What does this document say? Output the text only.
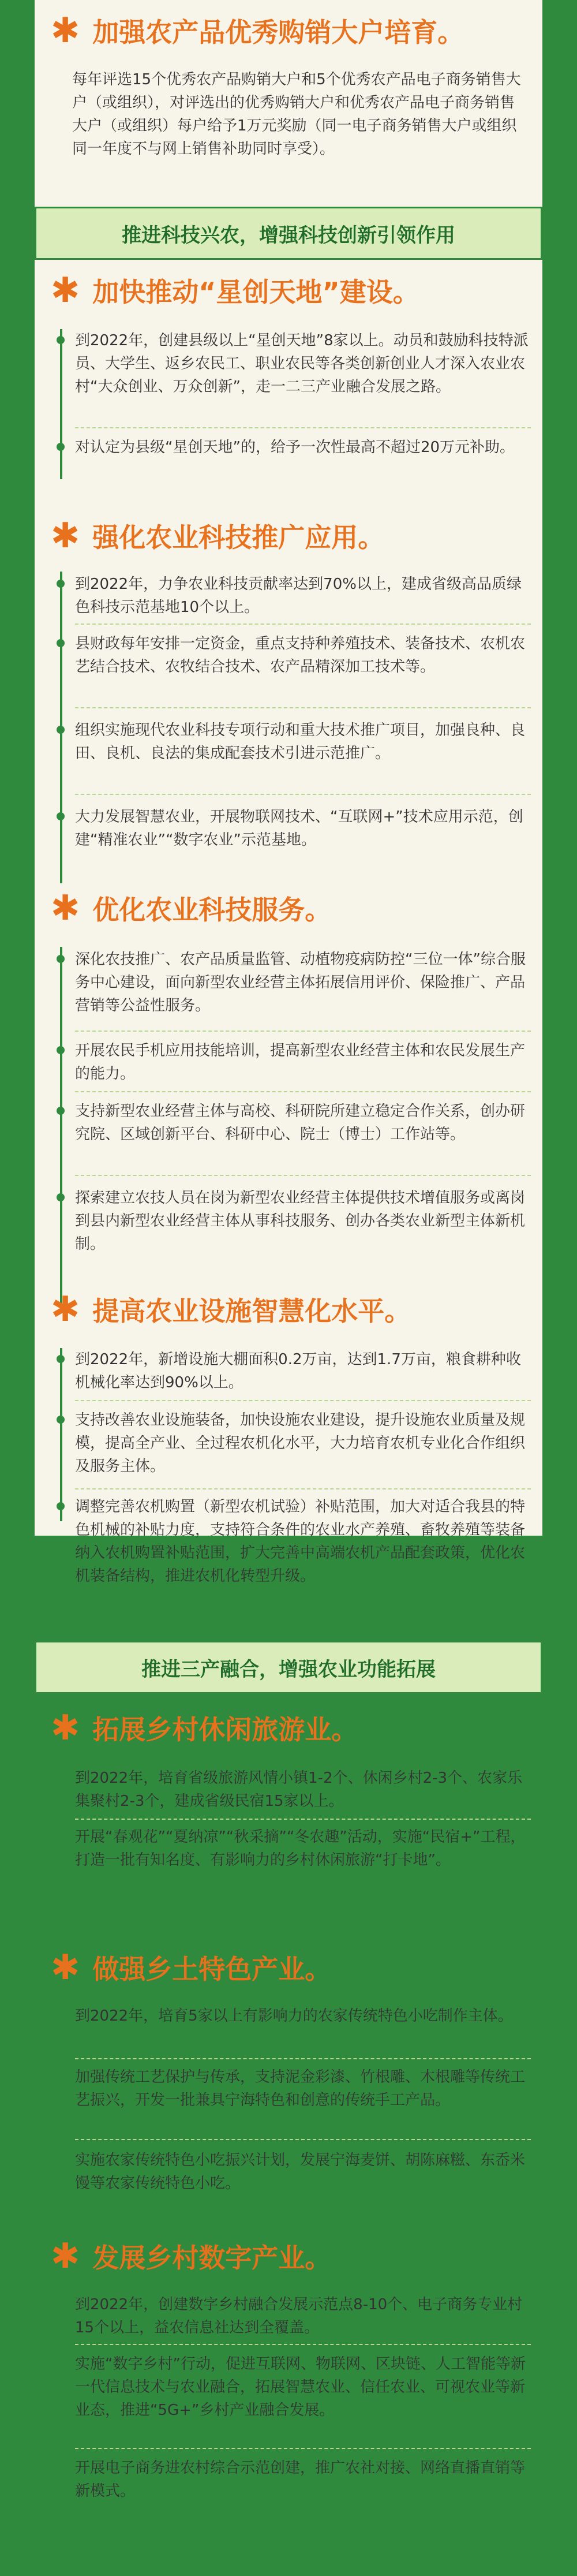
✱ 加强农产品优秀购销大户培育。
每年评选15个优秀农产品购销大户和5个优秀农产品电子商务销售大户（或组织），对评选出的优秀购销大户和优秀农产品电子商务销售大户（或组织）每户给予1万元奖励（同一电子商务销售大户或组织同一年度不与网上销售补助同时享受）。
推进科技兴农，增强科技创新引领作用
✱ 加快推动“星创天地”建设。
到2022年，创建县级以上“星创天地”8家以上。动员和鼓励科技特派员、大学生、返乡农民工、职业农民等各类创新创业人才深入农业农村“大众创业、万众创新”，走一二三产业融合发展之路。
对认定为县级“星创天地”的，给予一次性最高不超过20万元补助。
✱ 强化农业科技推广应用。
到2022年，力争农业科技贡献率达到70%以上，建成省级高品质绿色科技示范基地10个以上。
县财政每年安排一定资金，重点支持种养殖技术、装备技术、农机农艺结合技术、农牧结合技术、农产品精深加工技术等。
组织实施现代农业科技专项行动和重大技术推广项目，加强良种、良田、良机、良法的集成配套技术引进示范推广。
大力发展智慧农业，开展物联网技术、“互联网+”技术应用示范，创建“精准农业”“数字农业”示范基地。
✱ 优化农业科技服务。
深化农技推广、农产品质量监管、动植物疫病防控“三位一体”综合服务中心建设，面向新型农业经营主体拓展信用评价、保险推广、产品营销等公益性服务。
开展农民手机应用技能培训，提高新型农业经营主体和农民发展生产的能力。
支持新型农业经营主体与高校、科研院所建立稳定合作关系，创办研究院、区域创新平台、科研中心、院士（博士）工作站等。
探索建立农技人员在岗为新型农业经营主体提供技术增值服务或离岗到县内新型农业经营主体从事科技服务、创办各类农业新型主体新机制。
✱ 提高农业设施智慧化水平。
到2022年，新增设施大棚面积0.2万亩，达到1.7万亩，粮食耕种收机械化率达到90%以上。
支持改善农业设施装备，加快设施农业建设，提升设施农业质量及规模，提高全产业、全过程农机化水平，大力培育农机专业化合作组织及服务主体。
调整完善农机购置（新型农机试验）补贴范围，加大对适合我县的特色机械的补贴力度，支持符合条件的农业水产养殖、畜牧养殖等装备纳入农机购置补贴范围，扩大完善中高端农机产品配套政策，优化农机装备结构，推进农机化转型升级。
推进三产融合，增强农业功能拓展
✱ 拓展乡村休闲旅游业。
到2022年，培育省级旅游风情小镇1-2个、休闲乡村2-3个、农家乐集聚村2-3个，建成省级民宿15家以上。
开展“春观花”“夏纳凉”“秋采摘”“冬农趣”活动，实施“民宿+”工程，打造一批有知名度、有影响力的乡村休闲旅游“打卡地”。
✱ 做强乡土特色产业。
到2022年，培育5家以上有影响力的农家传统特色小吃制作主体。
加强传统工艺保护与传承，支持泥金彩漆、竹根雕、木根雕等传统工艺振兴，开发一批兼具宁海特色和创意的传统手工产品。
实施农家传统特色小吃振兴计划，发展宁海麦饼、胡陈麻糍、东岙米馒等农家传统特色小吃。
✱ 发展乡村数字产业。
到2022年，创建数字乡村融合发展示范点8-10个、电子商务专业村15个以上，益农信息社达到全覆盖。
实施“数字乡村”行动，促进互联网、物联网、区块链、人工智能等新一代信息技术与农业融合，拓展智慧农业、信任农业、可视农业等新业态，推进“5G+”乡村产业融合发展。
开展电子商务进农村综合示范创建，推广农社对接、网络直播直销等新模式。
